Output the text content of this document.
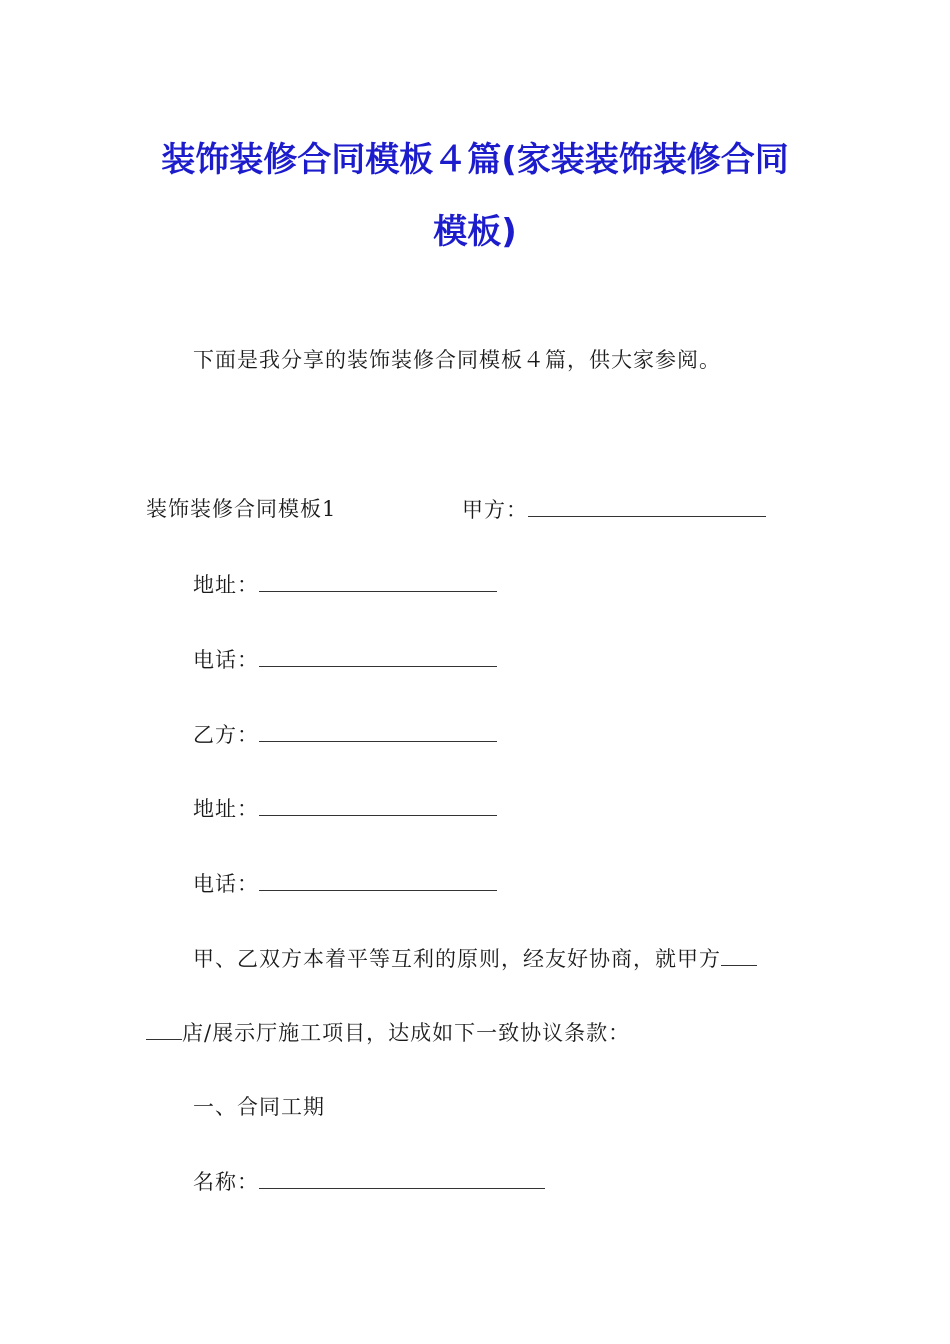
装饰装修合同模板４篇(家装装饰装修合同
模板)
下面是我分享的装饰装修合同模板４篇，供大家参阅。
装饰装修合同模板1	甲方：
地址：
电话：
乙方：
地址：
电话：
甲、乙双方本着平等互利的原则，经友好协商，就甲方
店/展示厅施工项目，达成如下一致协议条款：
一、合同工期
名称：
